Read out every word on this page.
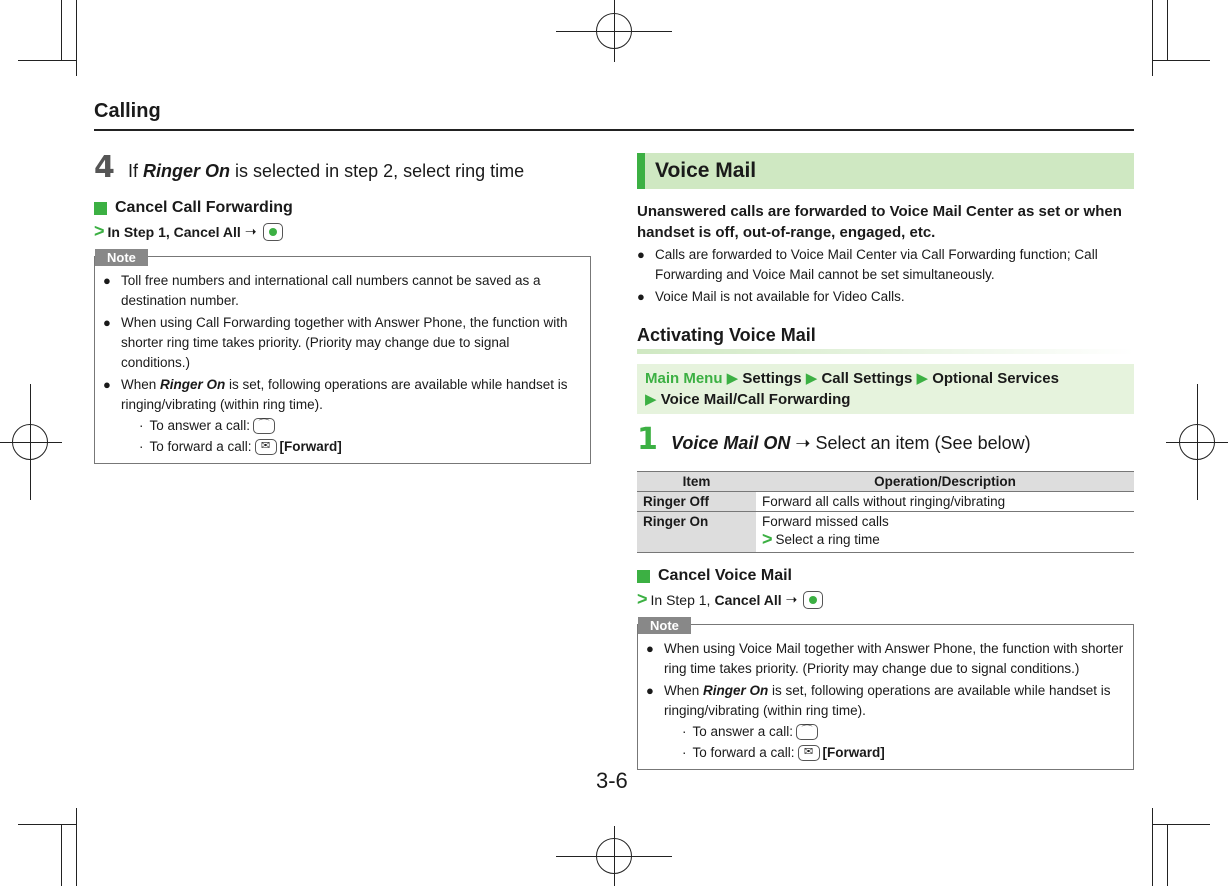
Calling
4 If Ringer On is selected in step 2, select ring time
Cancel Call Forwarding
> In Step 1, Cancel All ➝
Note
● Toll free numbers and international call numbers cannot be saved as a destination number.
● When using Call Forwarding together with Answer Phone, the function with shorter ring time takes priority. (Priority may change due to signal conditions.)
● When Ringer On is set, following operations are available while handset is ringing/vibrating (within ring time).
· To answer a call: ⌒
· To forward a call: ✉ [Forward]
Voice Mail
Unanswered calls are forwarded to Voice Mail Center as set or when handset is off, out-of-range, engaged, etc.
● Calls are forwarded to Voice Mail Center via Call Forwarding function; Call Forwarding and Voice Mail cannot be set simultaneously.
● Voice Mail is not available for Video Calls.
Activating Voice Mail
Main Menu ▶ Settings ▶ Call Settings ▶ Optional Services
▶ Voice Mail/Call Forwarding
1 Voice Mail ON ➝ Select an item (See below)
Item	Operation/Description
Ringer Off	Forward all calls without ringing/vibrating
Ringer On	Forward missed calls
> Select a ring time
Cancel Voice Mail
> In Step 1, Cancel All ➝
Note
● When using Voice Mail together with Answer Phone, the function with shorter ring time takes priority. (Priority may change due to signal conditions.)
● When Ringer On is set, following operations are available while handset is ringing/vibrating (within ring time).
· To answer a call: ⌒
· To forward a call: ✉ [Forward]
3-6
